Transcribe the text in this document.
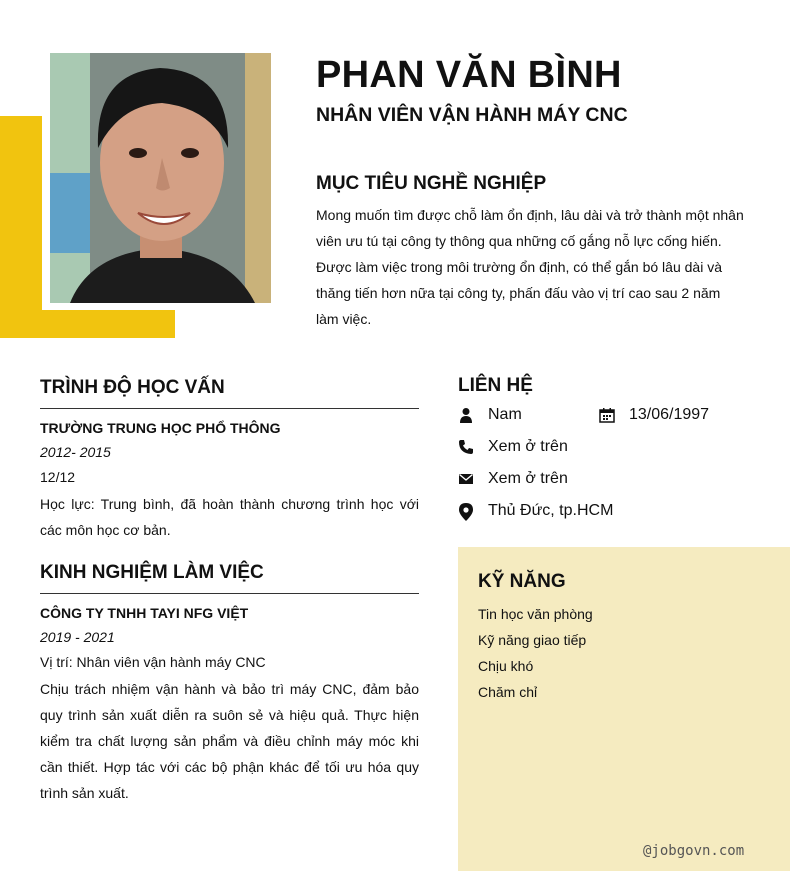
PHAN VĂN BÌNH
NHÂN VIÊN VẬN HÀNH MÁY CNC
MỤC TIÊU NGHỀ NGHIỆP
Mong muốn tìm được chỗ làm ổn định, lâu dài và trở thành một nhân viên ưu tú tại công ty thông qua những cố gắng nỗ lực cống hiến. Được làm việc trong môi trường ổn định, có thể gắn bó lâu dài và thăng tiến hơn nữa tại công ty, phấn đấu vào vị trí cao sau 2 năm làm việc.
TRÌNH ĐỘ HỌC VẤN
TRƯỜNG TRUNG HỌC PHỔ THÔNG
2012- 2015
12/12
Học lực: Trung bình, đã hoàn thành chương trình học với các môn học cơ bản.
KINH NGHIỆM LÀM VIỆC
CÔNG TY TNHH TAYI NFG VIỆT
2019 - 2021
Vị trí: Nhân viên vận hành máy CNC
Chịu trách nhiệm vận hành và bảo trì máy CNC, đảm bảo quy trình sản xuất diễn ra suôn sẻ và hiệu quả. Thực hiện kiểm tra chất lượng sản phẩm và điều chỉnh máy móc khi cần thiết. Hợp tác với các bộ phận khác để tối ưu hóa quy trình sản xuất.
LIÊN HỆ
Nam	13/06/1997
Xem ở trên
Xem ở trên
Thủ Đức, tp.HCM
KỸ NĂNG
Tin học văn phòng
Kỹ năng giao tiếp
Chịu khó
Chăm chỉ
@jobgovn.com
